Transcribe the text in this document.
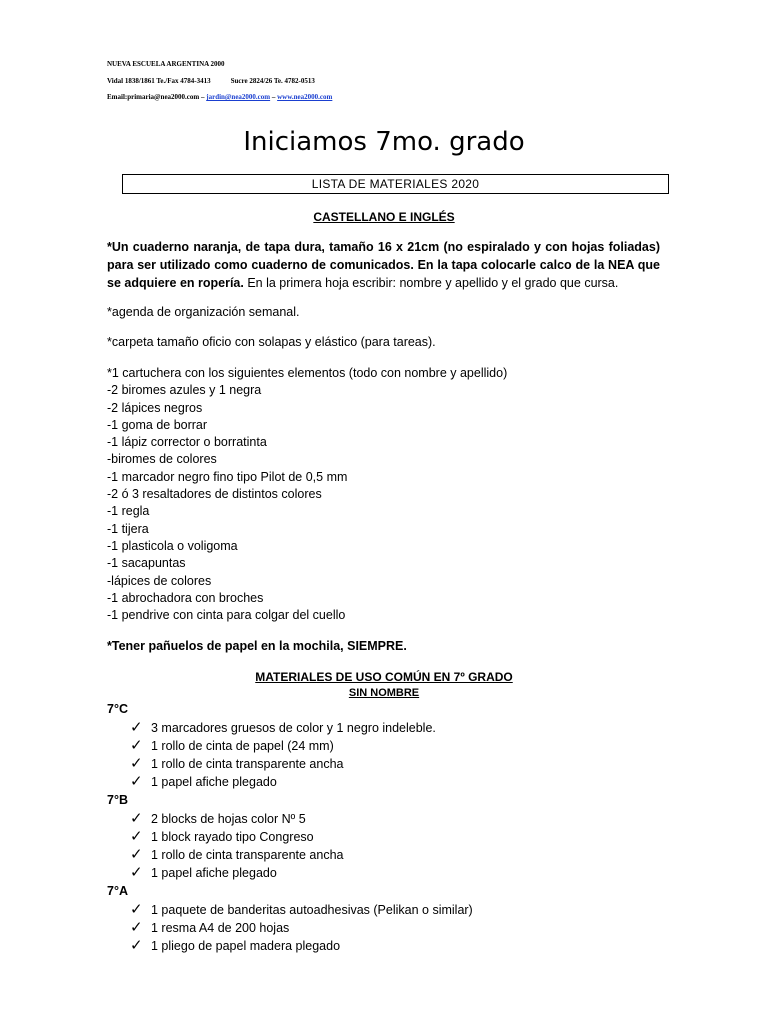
NUEVA ESCUELA ARGENTINA 2000
Vidal 1838/1861 Te./Fax 4784-3413	Sucre 2824/26 Te. 4782-0513
Email:primaria@nea2000.com – jardin@nea2000.com – www.nea2000.com
Iniciamos 7mo. grado
LISTA DE MATERIALES 2020
CASTELLANO E INGLÉS
*Un cuaderno naranja, de tapa dura, tamaño 16 x 21cm (no espiralado y con hojas foliadas) para ser utilizado como cuaderno de comunicados. En la tapa colocarle calco de la NEA que se adquiere en ropería. En la primera hoja escribir: nombre y apellido y el grado que cursa.
*agenda de organización semanal.
*carpeta tamaño oficio con solapas y elástico (para tareas).
*1 cartuchera con los siguientes elementos (todo con nombre y apellido)
-2 biromes azules y 1 negra
-2 lápices negros
-1 goma de borrar
-1 lápiz corrector o borratinta
-biromes de colores
-1 marcador negro fino tipo Pilot de 0,5 mm
-2 ó 3 resaltadores de distintos colores
-1 regla
-1 tijera
-1 plasticola o voligoma
-1 sacapuntas
-lápices de colores
-1 abrochadora con broches
-1 pendrive con cinta para colgar del cuello
*Tener pañuelos de papel en la mochila, SIEMPRE.
MATERIALES DE USO COMÚN EN 7º GRADO
SIN NOMBRE
7°C
✓ 3 marcadores gruesos de color y 1 negro indeleble.
✓ 1 rollo de cinta de papel (24 mm)
✓ 1 rollo de cinta transparente ancha
✓ 1 papel afiche plegado
7°B
✓ 2 blocks de hojas color Nº 5
✓ 1 block rayado tipo Congreso
✓ 1 rollo de cinta transparente ancha
✓ 1 papel afiche plegado
7°A
✓ 1 paquete de banderitas autoadhesivas (Pelikan o similar)
✓ 1 resma A4 de 200 hojas
✓ 1 pliego de papel madera plegado
